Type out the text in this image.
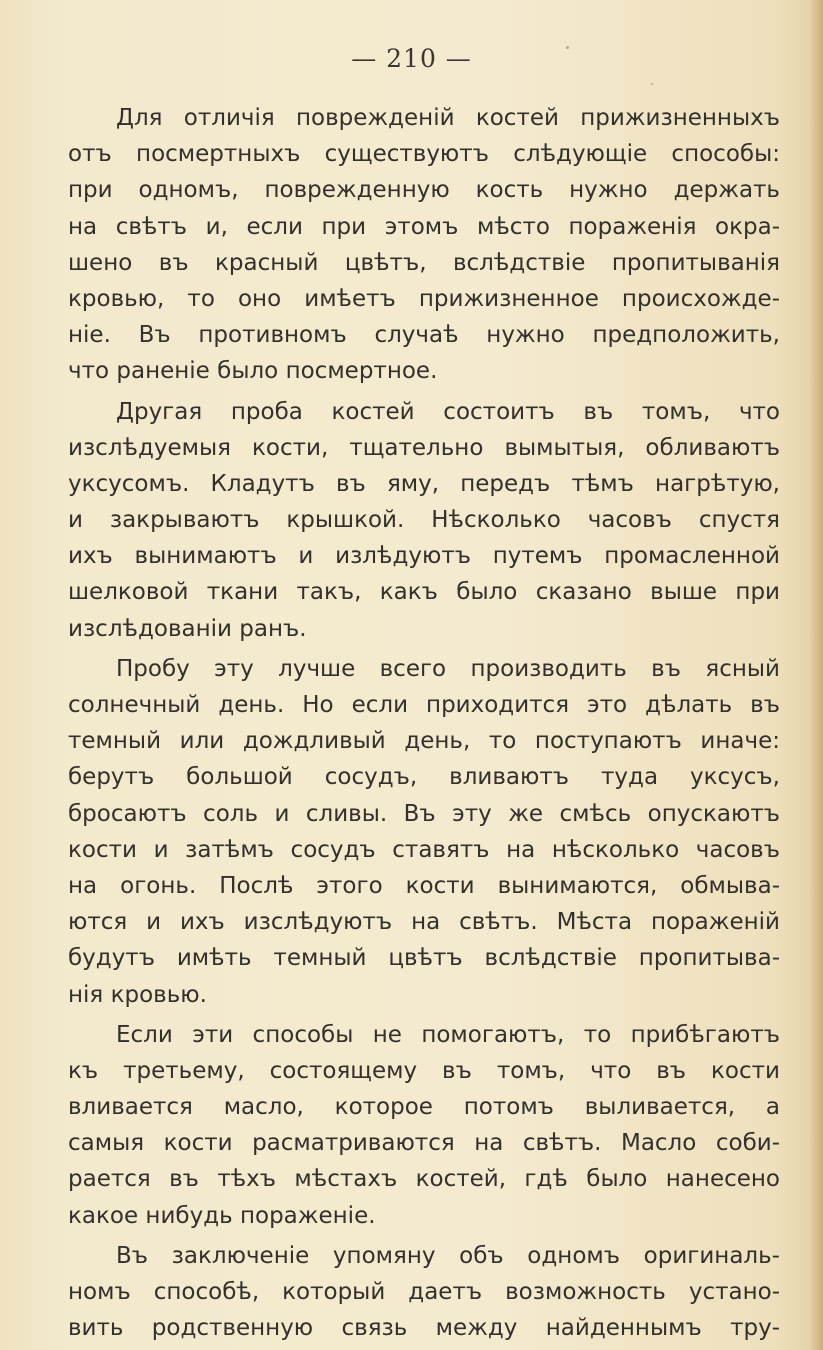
— 210 —
Для отличія поврежденій костей прижизненныхъ
отъ посмертныхъ существуютъ слѣдующіе способы:
при одномъ, поврежденную кость нужно держать
на свѣтъ и, если при этомъ мѣсто пораженія окра-
шено въ красный цвѣтъ, вслѣдствіе пропитыванія
кровью, то оно имѣетъ прижизненное происхожде-
ніе. Въ противномъ случаѣ нужно предположить,
что раненіе было посмертное.
Другая проба костей состоитъ въ томъ, что
изслѣдуемыя кости, тщательно вымытыя, обливаютъ
уксусомъ. Кладутъ въ яму, передъ тѣмъ нагрѣтую,
и закрываютъ крышкой. Нѣсколько часовъ спустя
ихъ вынимаютъ и излѣдуютъ путемъ промасленной
шелковой ткани такъ, какъ было сказано выше при
изслѣдованіи ранъ.
Пробу эту лучше всего производить въ ясный
солнечный день. Но если приходится это дѣлать въ
темный или дождливый день, то поступаютъ иначе:
берутъ большой сосудъ, вливаютъ туда уксусъ,
бросаютъ соль и сливы. Въ эту же смѣсь опускаютъ
кости и затѣмъ сосудъ ставятъ на нѣсколько часовъ
на огонь. Послѣ этого кости вынимаются, обмыва-
ются и ихъ изслѣдуютъ на свѣтъ. Мѣста пораженій
будутъ имѣть темный цвѣтъ вслѣдствіе пропитыва-
нія кровью.
Если эти способы не помогаютъ, то прибѣгаютъ
къ третьему, состоящему въ томъ, что въ кости
вливается масло, которое потомъ выливается, а
самыя кости расматриваются на свѣтъ. Масло соби-
рается въ тѣхъ мѣстахъ костей, гдѣ было нанесено
какое нибудь пораженіе.
Въ заключеніе упомяну объ одномъ оригиналь-
номъ способѣ, который даетъ возможность устано-
вить родственную связь между найденнымъ тру-
